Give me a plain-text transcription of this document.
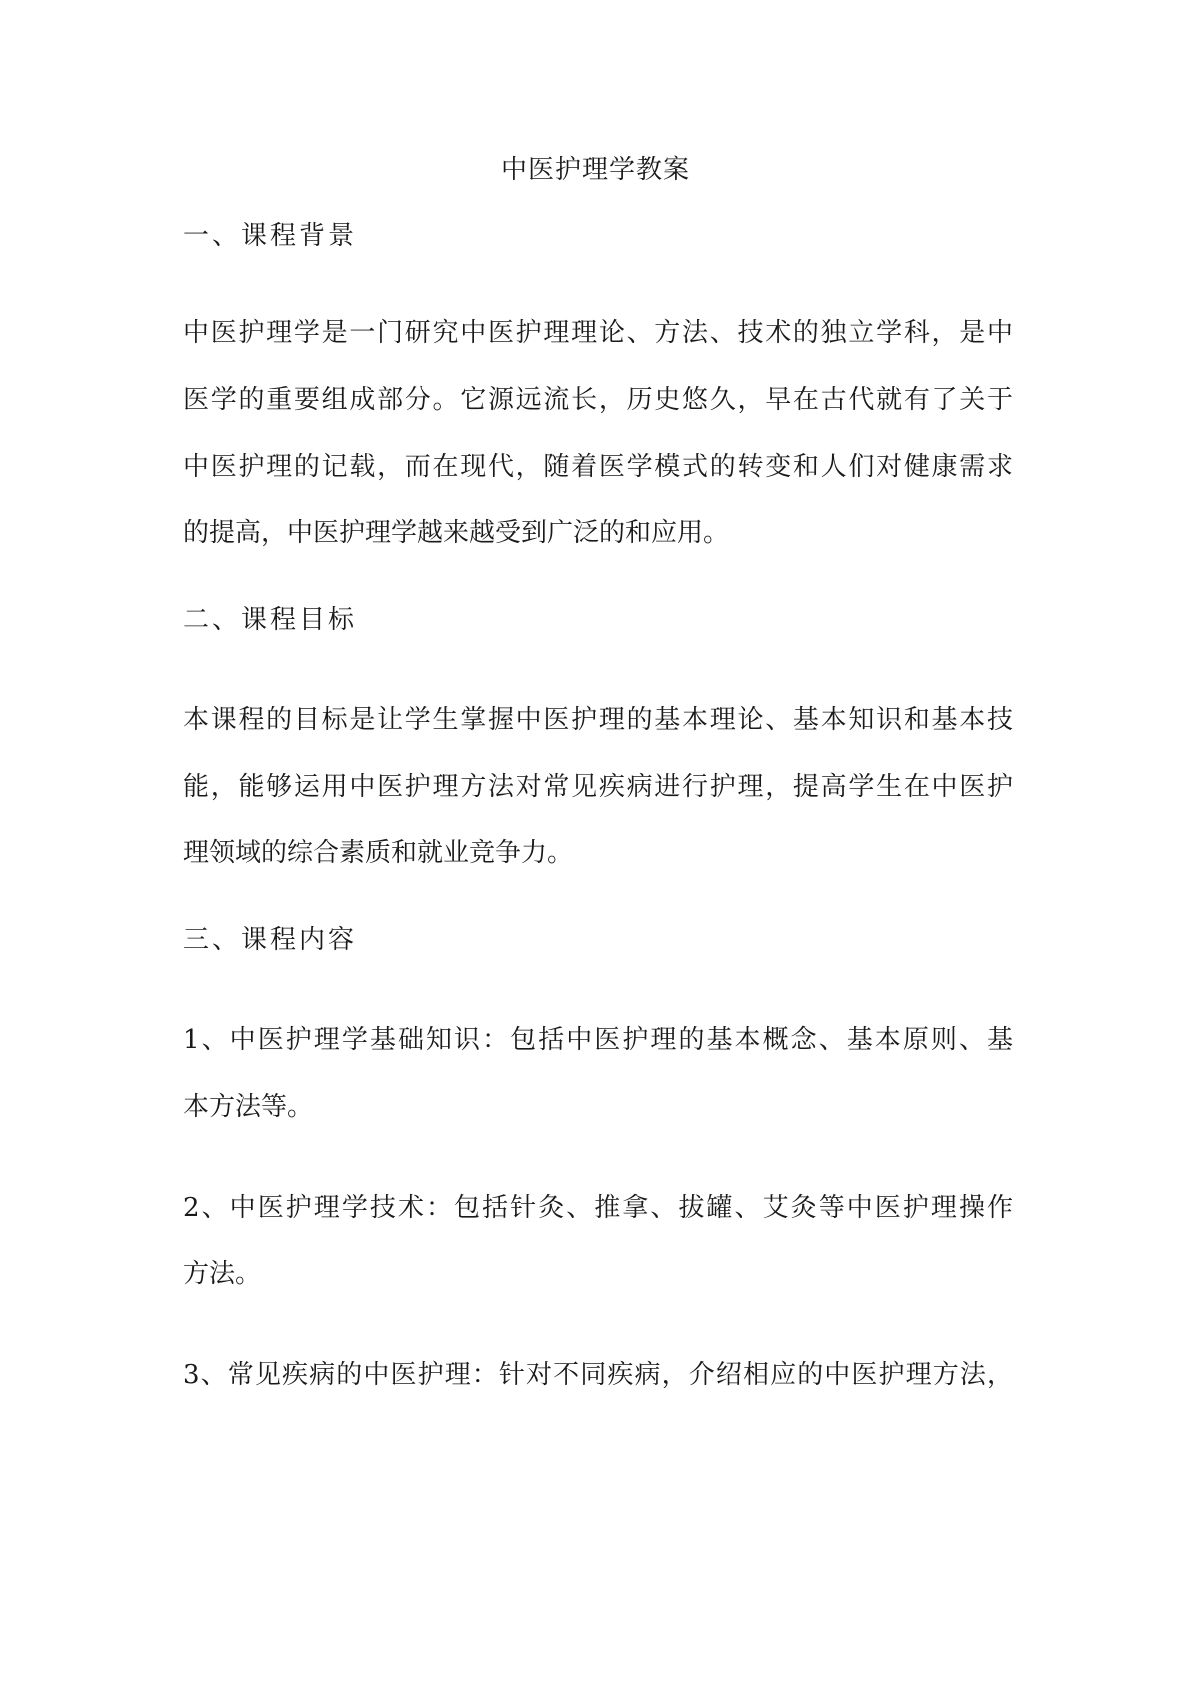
中医护理学教案
一、课程背景

中医护理学是一门研究中医护理理论、方法、技术的独立学科，是中

医学的重要组成部分。它源远流长，历史悠久，早在古代就有了关于

中医护理的记载，而在现代，随着医学模式的转变和人们对健康需求

的提高，中医护理学越来越受到广泛的和应用。

二、课程目标

本课程的目标是让学生掌握中医护理的基本理论、基本知识和基本技

能，能够运用中医护理方法对常见疾病进行护理，提高学生在中医护

理领域的综合素质和就业竞争力。

三、课程内容

1、中医护理学基础知识：包括中医护理的基本概念、基本原则、基

本方法等。

2、中医护理学技术：包括针灸、推拿、拔罐、艾灸等中医护理操作

方法。

3、常见疾病的中医护理：针对不同疾病，介绍相应的中医护理方法，
